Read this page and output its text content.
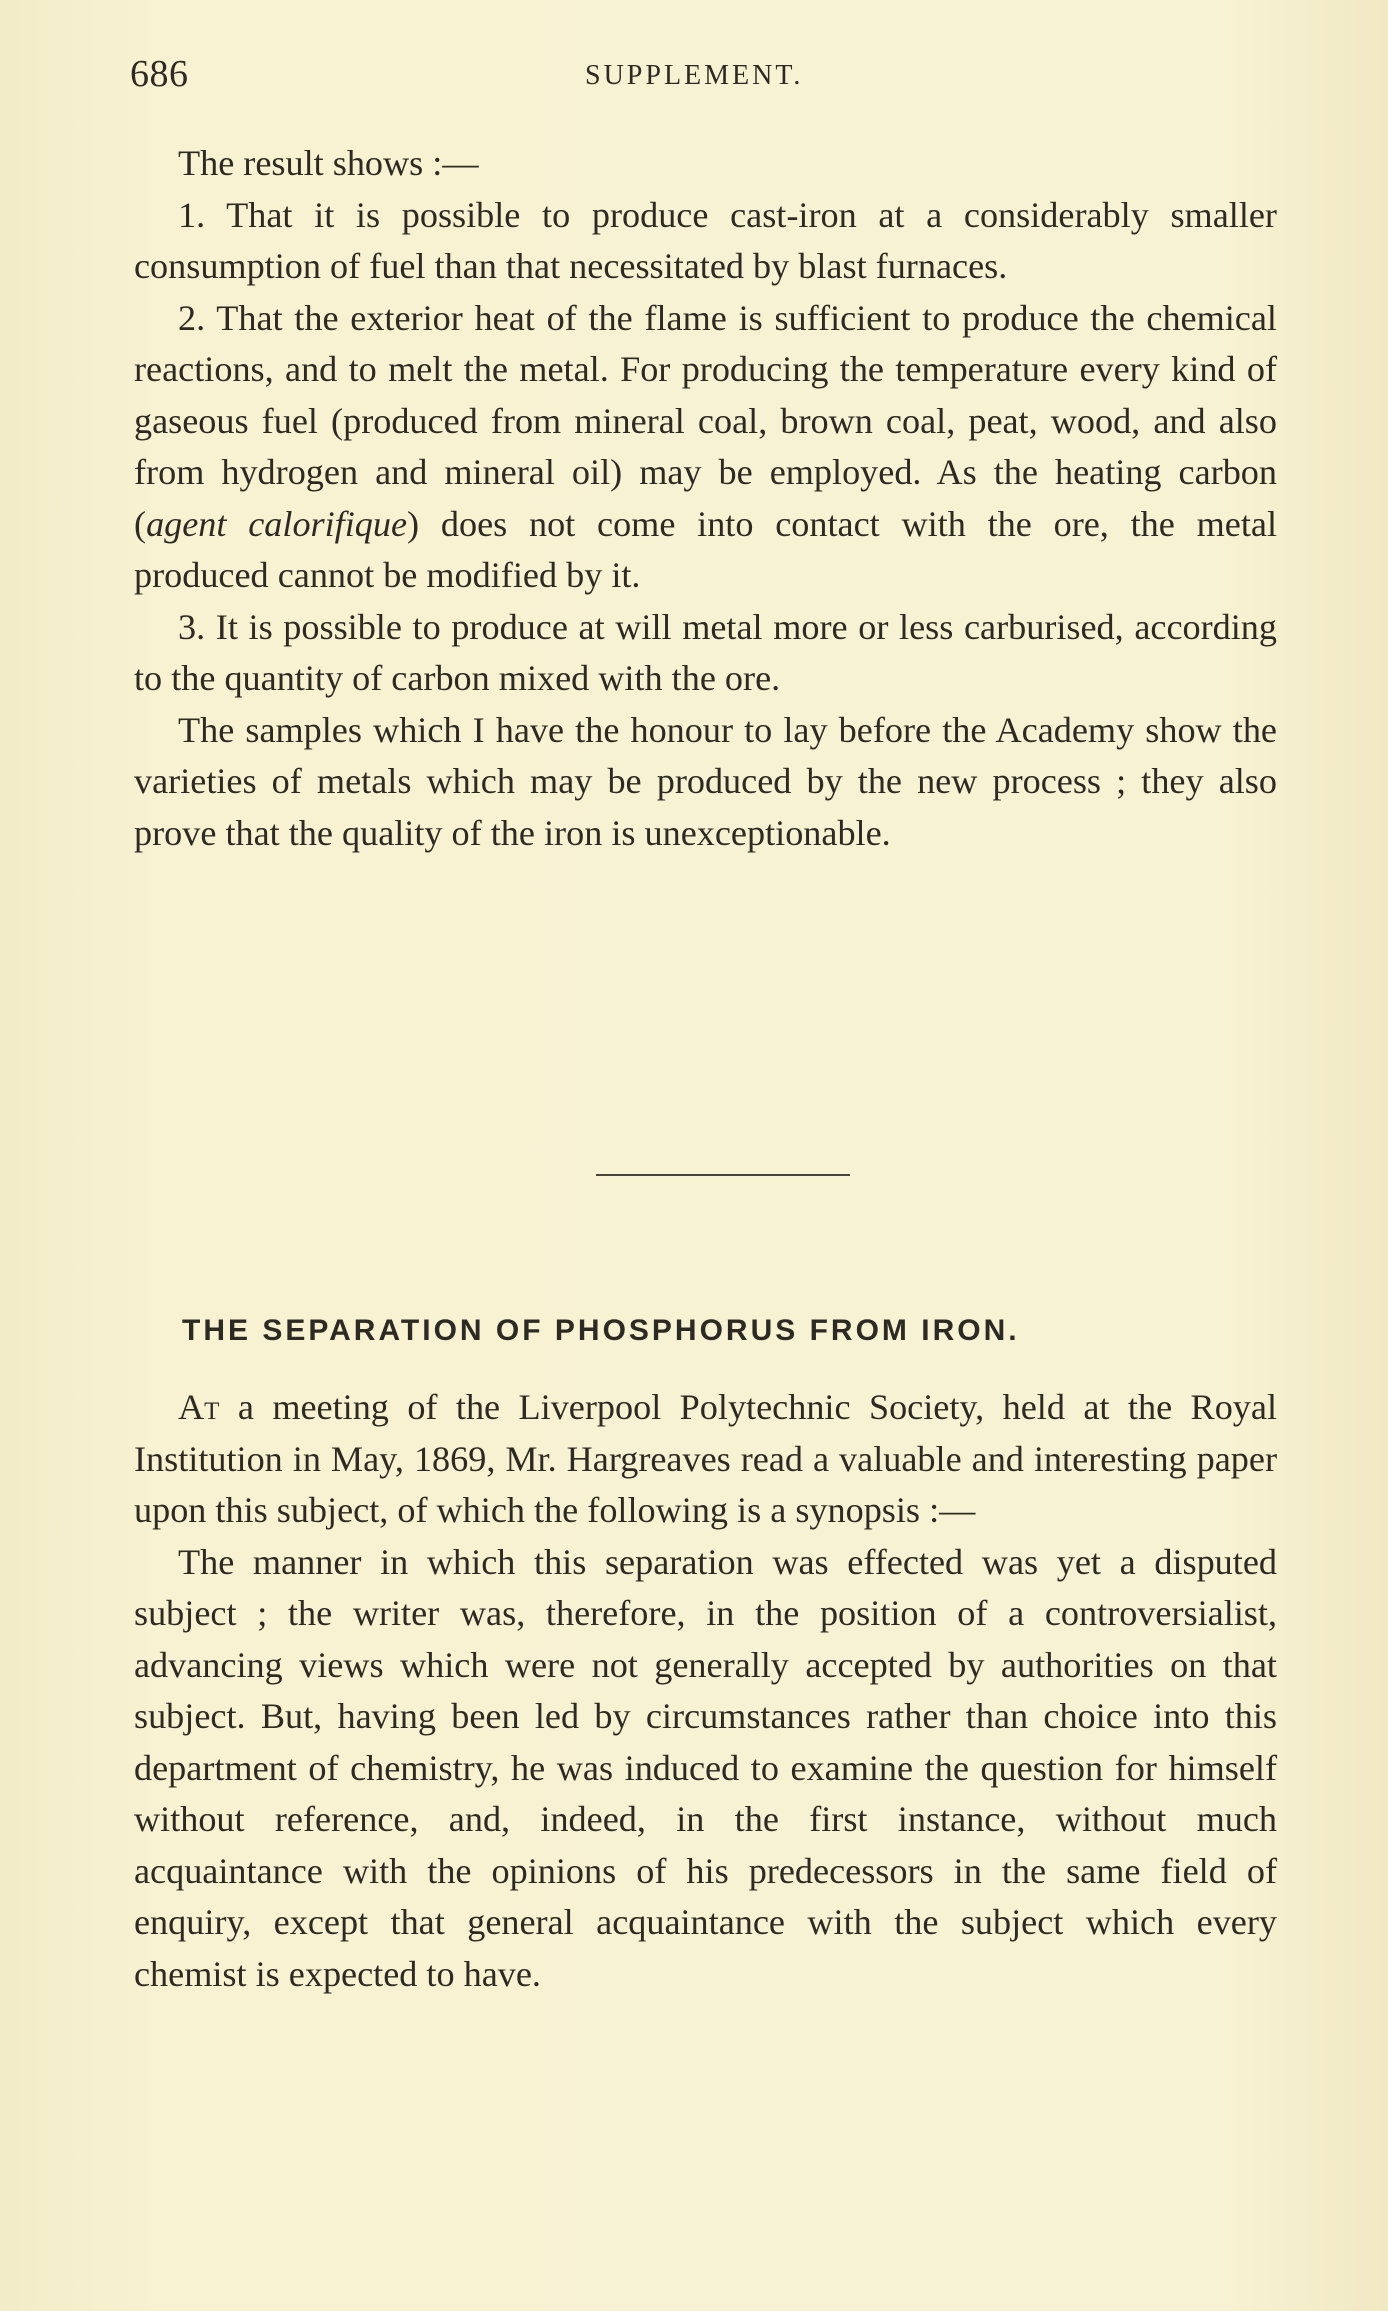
686	SUPPLEMENT.

The result shows :—

1. That it is possible to produce cast-iron at a considerably smaller consumption of fuel than that necessitated by blast furnaces.

2. That the exterior heat of the flame is sufficient to produce the chemical reactions, and to melt the metal. For producing the temperature every kind of gaseous fuel (produced from mineral coal, brown coal, peat, wood, and also from hydrogen and mineral oil) may be employed. As the heating carbon (agent calorifique) does not come into contact with the ore, the metal produced cannot be modified by it.

3. It is possible to produce at will metal more or less carburised, according to the quantity of carbon mixed with the ore.

The samples which I have the honour to lay before the Academy show the varieties of metals which may be produced by the new process ; they also prove that the quality of the iron is unexceptionable.

THE SEPARATION OF PHOSPHORUS FROM IRON.

At a meeting of the Liverpool Polytechnic Society, held at the Royal Institution in May, 1869, Mr. Hargreaves read a valuable and interesting paper upon this subject, of which the following is a synopsis :—

The manner in which this separation was effected was yet a disputed subject ; the writer was, therefore, in the position of a controversialist, advancing views which were not generally accepted by authorities on that subject. But, having been led by circumstances rather than choice into this department of chemistry, he was induced to examine the question for himself without reference, and, indeed, in the first instance, without much acquaintance with the opinions of his predecessors in the same field of enquiry, except that general acquaintance with the subject which every chemist is expected to have.
